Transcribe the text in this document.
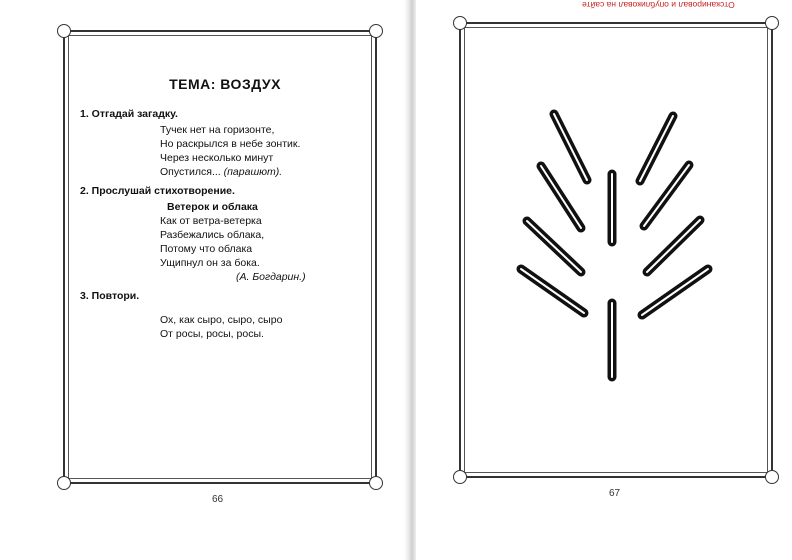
ТЕМА: ВОЗДУХ
1. Отгадай загадку.
Тучек нет на горизонте,
Но раскрылся в небе зонтик.
Через несколько минут
Опустился... (парашют).
2. Прослушай стихотворение.
Ветерок и облака
Как от ветра-ветерка
Разбежались облака,
Потому что облака
Ущипнул он за бока.
(А. Богдарин.)
3. Повтори.
Ох, как сыро, сыро, сыро
От росы, росы, росы.
66
67
Отсканировал и опубликовал на сайте
